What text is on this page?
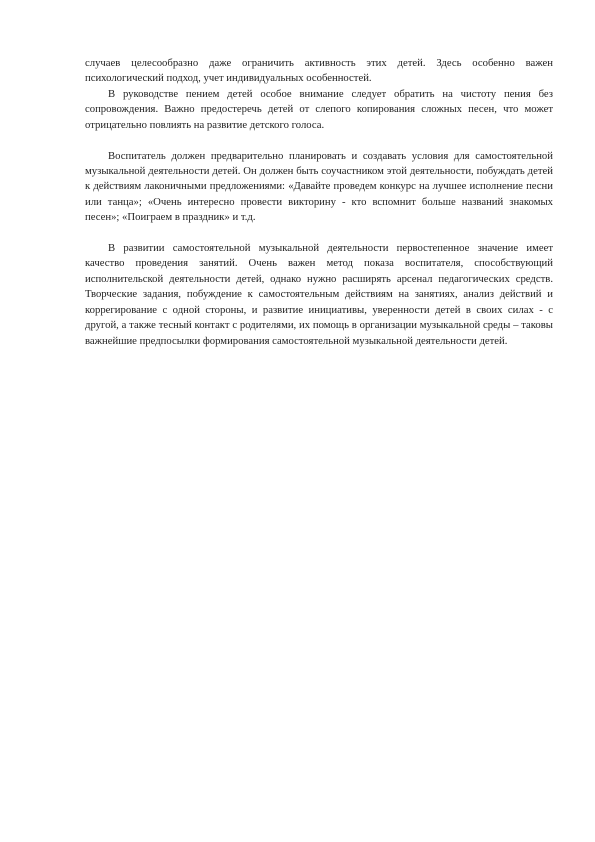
случаев целесообразно даже ограничить активность этих детей. Здесь особенно важен психологический подход, учет индивидуальных особенностей.

В руководстве пением детей особое внимание следует обратить на чистоту пения без сопровождения. Важно предостеречь детей от слепого копирования сложных песен, что может отрицательно повлиять на развитие детского голоса.

Воспитатель должен предварительно планировать и создавать условия для самостоятельной музыкальной деятельности детей. Он должен быть соучастником этой деятельности, побуждать детей к действиям лаконичными предложениями: «Давайте проведем конкурс на лучшее исполнение песни или танца»; «Очень интересно провести викторину - кто вспомнит больше названий знакомых песен»; «Поиграем в праздник» и т.д.

В развитии самостоятельной музыкальной деятельности первостепенное значение имеет качество проведения занятий. Очень важен метод показа воспитателя, способствующий исполнительской деятельности детей, однако нужно расширять арсенал педагогических средств. Творческие задания, побуждение к самостоятельным действиям на занятиях, анализ действий и коррегирование с одной стороны, и развитие инициативы, уверенности детей в своих силах - с другой, а также тесный контакт с родителями, их помощь в организации музыкальной среды – таковы важнейшие предпосылки формирования самостоятельной музыкальной деятельности детей.
